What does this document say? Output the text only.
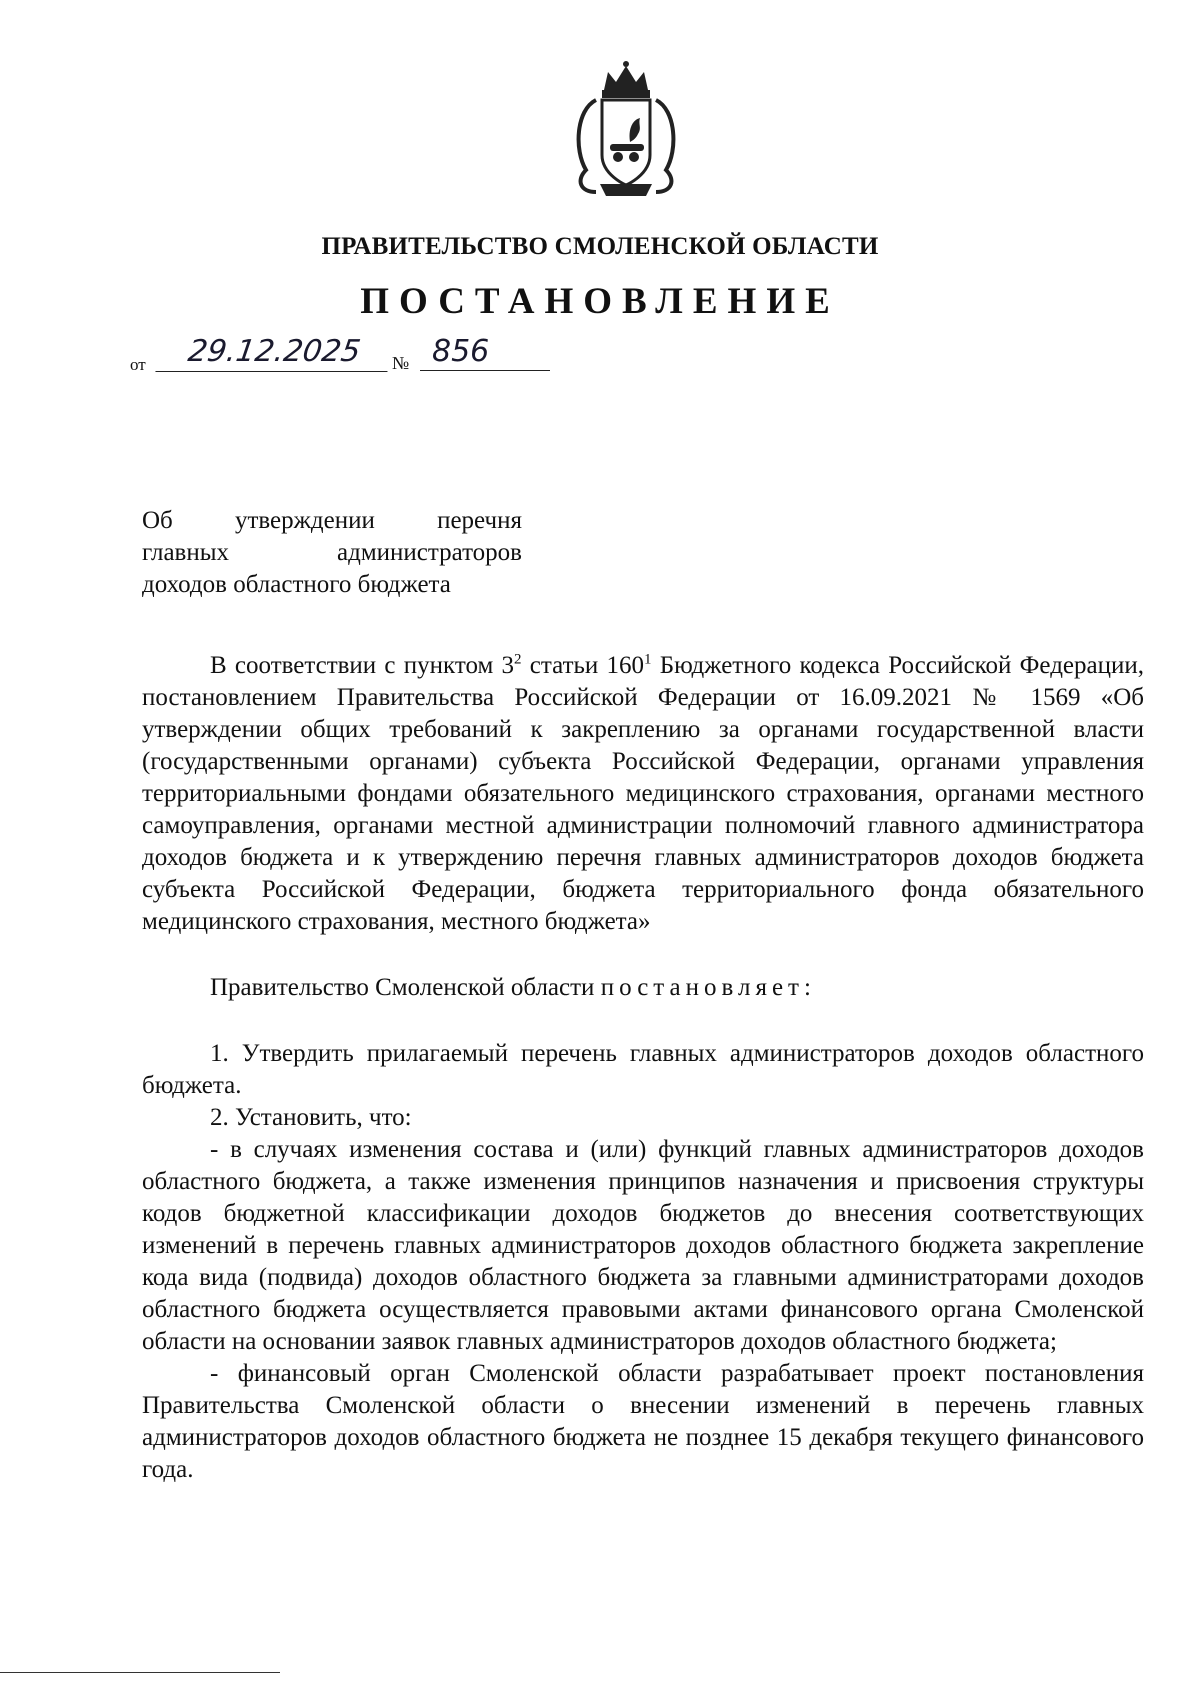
ПРАВИТЕЛЬСТВО СМОЛЕНСКОЙ ОБЛАСТИ
ПОСТАНОВЛЕНИЕ
от	29.12.2025	№ 856
Об утверждении перечня
главных администраторов
доходов областного бюджета

В соответствии с пунктом $3^2$ статьи $160^1$ Бюджетного кодекса Российской Федерации, постановлением Правительства Российской Федерации от 16.09.2021 № 1569 «Об утверждении общих требований к закреплению за органами государственной власти (государственными органами) субъекта Российской Федерации, органами управления территориальными фондами обязательного медицинского страхования, органами местного самоуправления, органами местной администрации полномочий главного администратора доходов бюджета и к утверждению перечня главных администраторов доходов бюджета субъекта Российской Федерации, бюджета территориального фонда обязательного медицинского страхования, местного бюджета»

Правительство Смоленской области постановляет:

1. Утвердить прилагаемый перечень главных администраторов доходов областного бюджета.

2. Установить, что:

- в случаях изменения состава и (или) функций главных администраторов доходов областного бюджета, а также изменения принципов назначения и присвоения структуры кодов бюджетной классификации доходов бюджетов до внесения соответствующих изменений в перечень главных администраторов доходов областного бюджета закрепление кода вида (подвида) доходов областного бюджета за главными администраторами доходов областного бюджета осуществляется правовыми актами финансового органа Смоленской области на основании заявок главных администраторов доходов областного бюджета;

- финансовый орган Смоленской области разрабатывает проект постановления Правительства Смоленской области о внесении изменений в перечень главных администраторов доходов областного бюджета не позднее 15 декабря текущего финансового года.
